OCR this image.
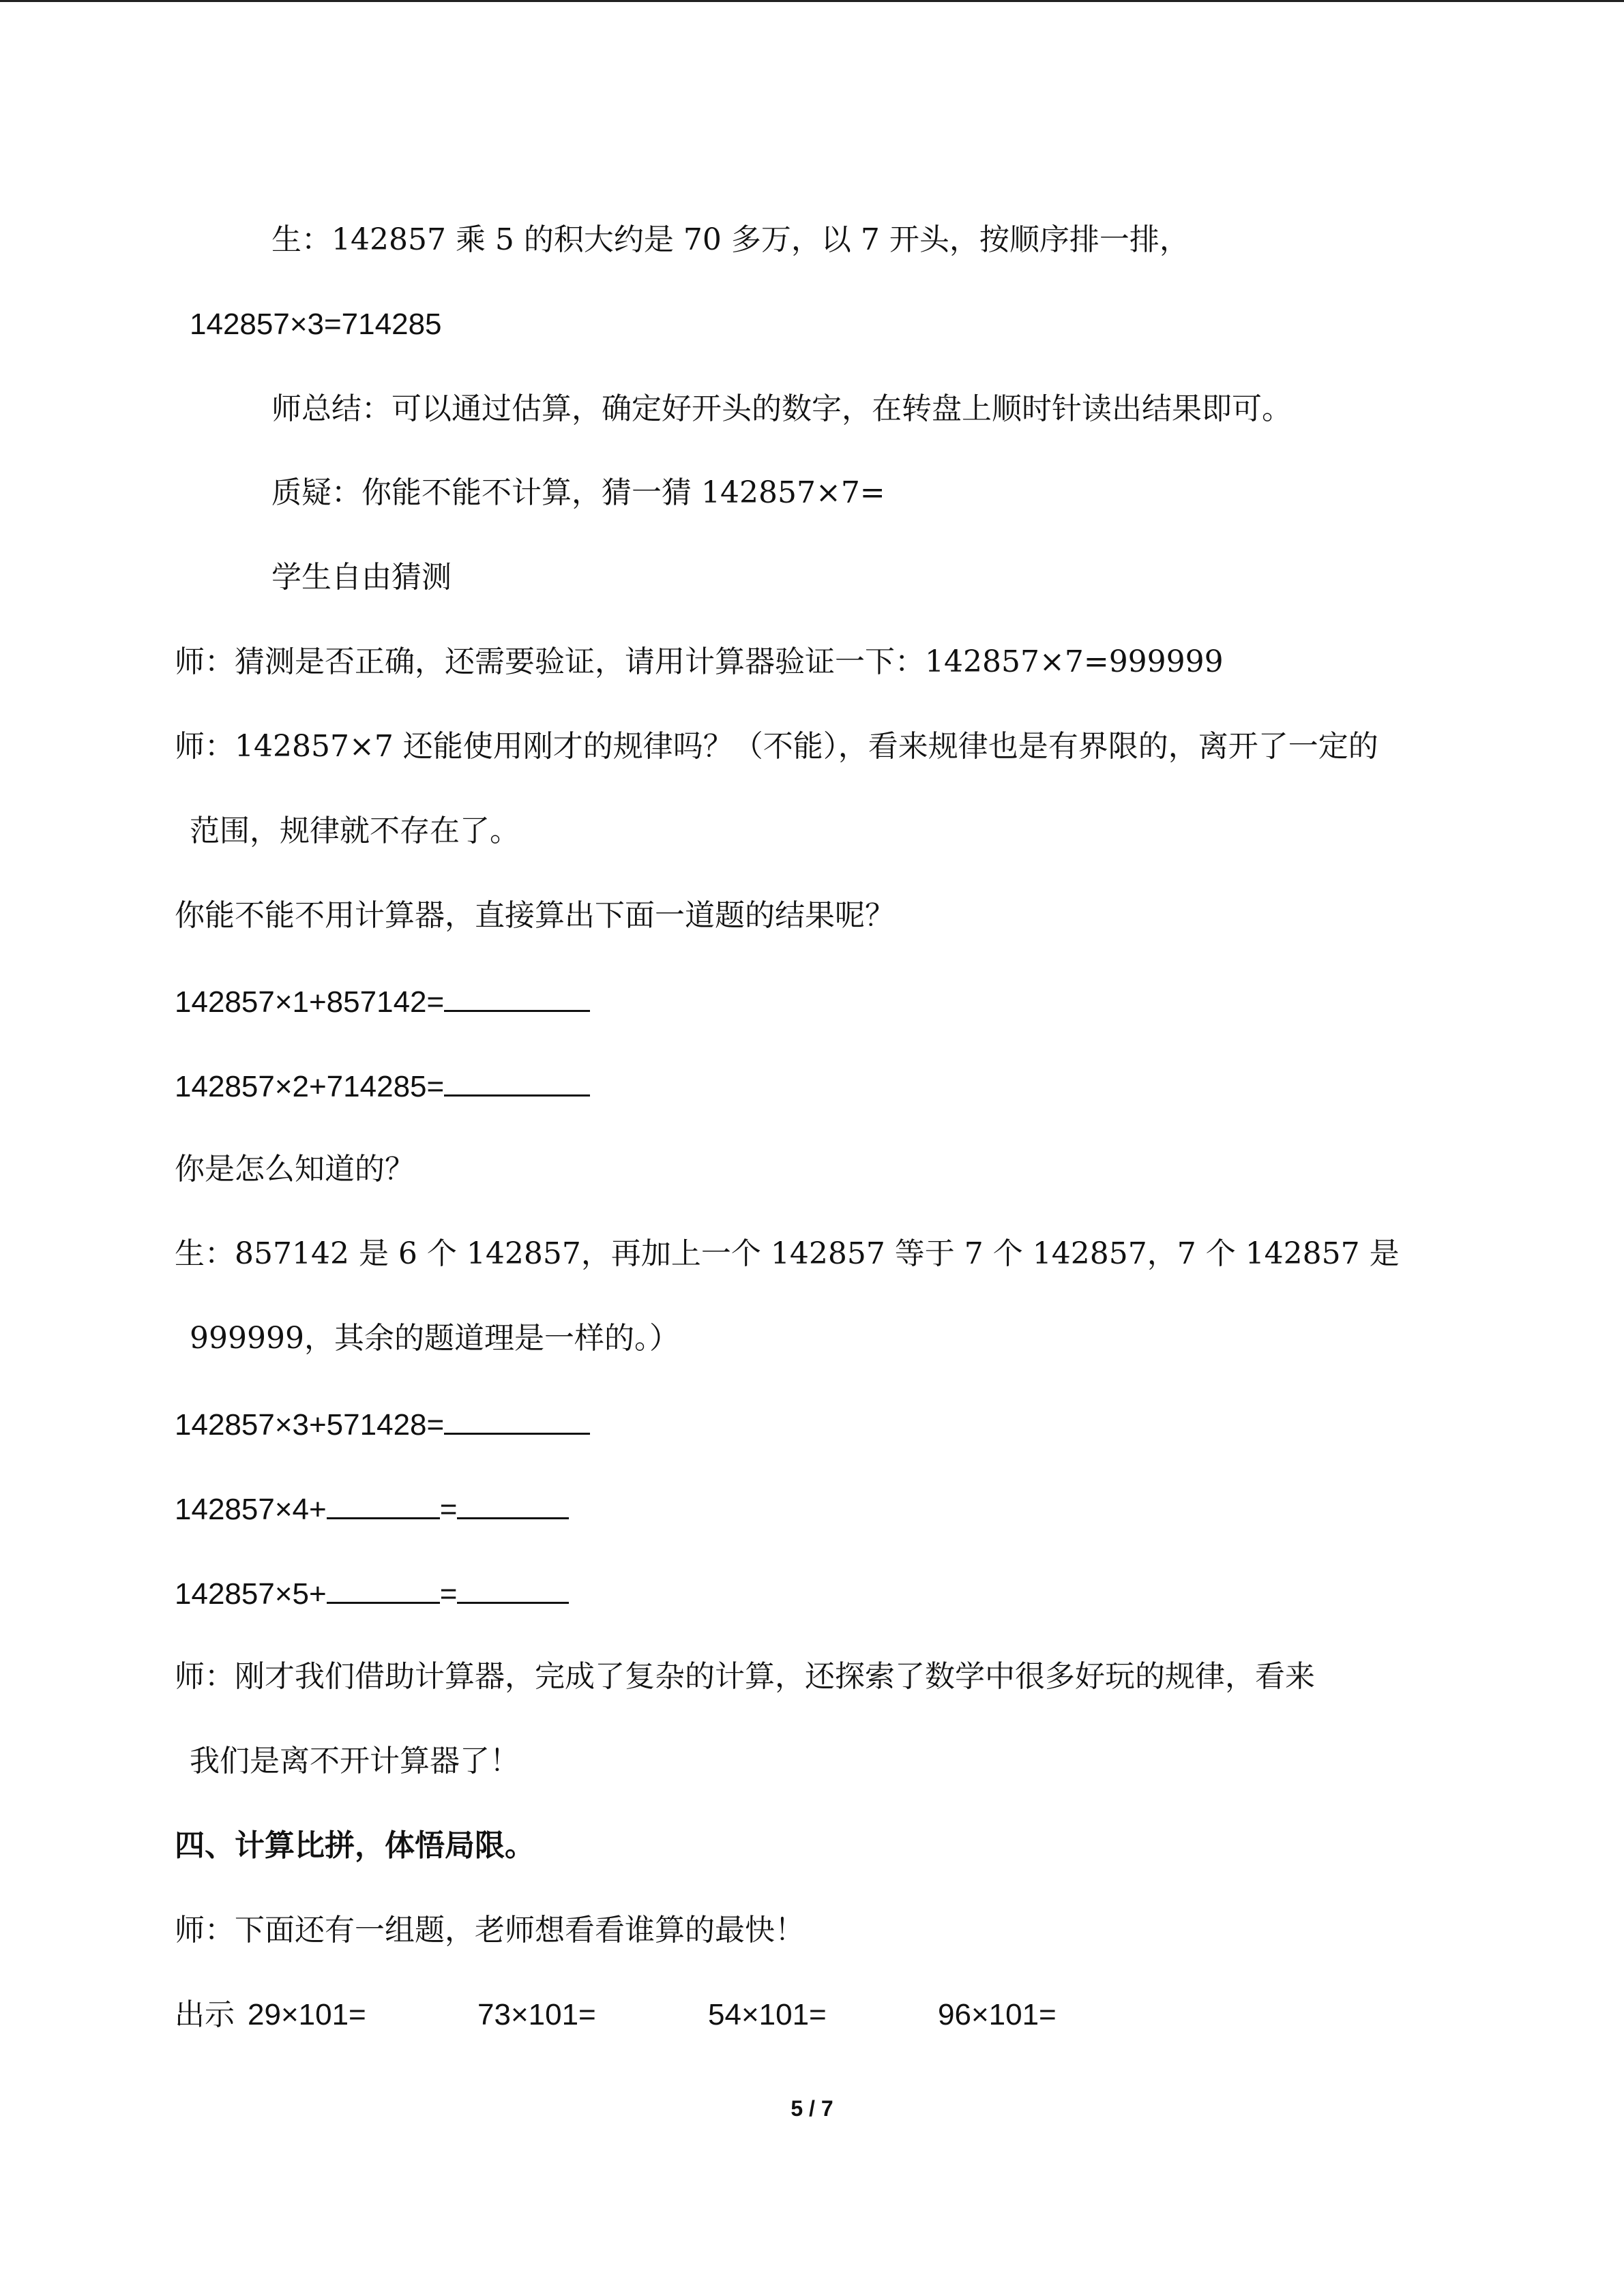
生：142857 乘 5 的积大约是 70 多万，以 7 开头，按顺序排一排，
142857×3=714285
师总结：可以通过估算，确定好开头的数字，在转盘上顺时针读出结果即可。
质疑：你能不能不计算，猜一猜 142857×7=
学生自由猜测
师：猜测是否正确，还需要验证，请用计算器验证一下：142857×7=999999
师：142857×7 还能使用刚才的规律吗？（不能），看来规律也是有界限的，离开了一定的
范围，规律就不存在了。
你能不能不用计算器，直接算出下面一道题的结果呢？
142857×1+857142=
142857×2+714285=
你是怎么知道的？
生：857142 是 6 个 142857，再加上一个 142857 等于 7 个 142857，7 个 142857 是
999999，其余的题道理是一样的。）
142857×3+571428=
142857×4+	=
142857×5+	=
师：刚才我们借助计算器，完成了复杂的计算，还探索了数学中很多好玩的规律，看来
我们是离不开计算器了！
四、计算比拼，体悟局限。
师：下面还有一组题，老师想看看谁算的最快！
出示 29×101=	73×101=	54×101=	96×101=
5 / 7
